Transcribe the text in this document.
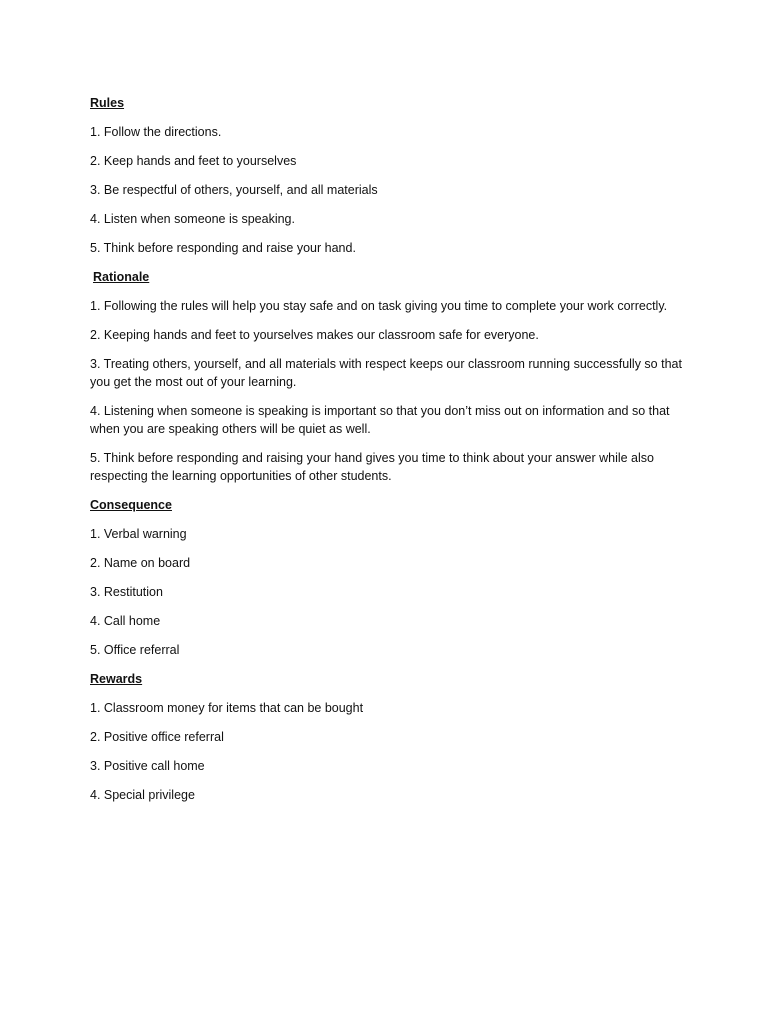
Rules

1. Follow the directions.

2. Keep hands and feet to yourselves

3. Be respectful of others, yourself, and all materials

4. Listen when someone is speaking.

5. Think before responding and raise your hand.

Rationale

1. Following the rules will help you stay safe and on task giving you time to complete your work correctly.

2. Keeping hands and feet to yourselves makes our classroom safe for everyone.

3. Treating others, yourself, and all materials with respect keeps our classroom running successfully so that you get the most out of your learning.

4. Listening when someone is speaking is important so that you don’t miss out on information and so that when you are speaking others will be quiet as well.

5. Think before responding and raising your hand gives you time to think about your answer while also respecting the learning opportunities of other students.

Consequence

1. Verbal warning

2. Name on board

3. Restitution

4. Call home

5. Office referral

Rewards

1. Classroom money for items that can be bought

2. Positive office referral

3. Positive call home

4. Special privilege
